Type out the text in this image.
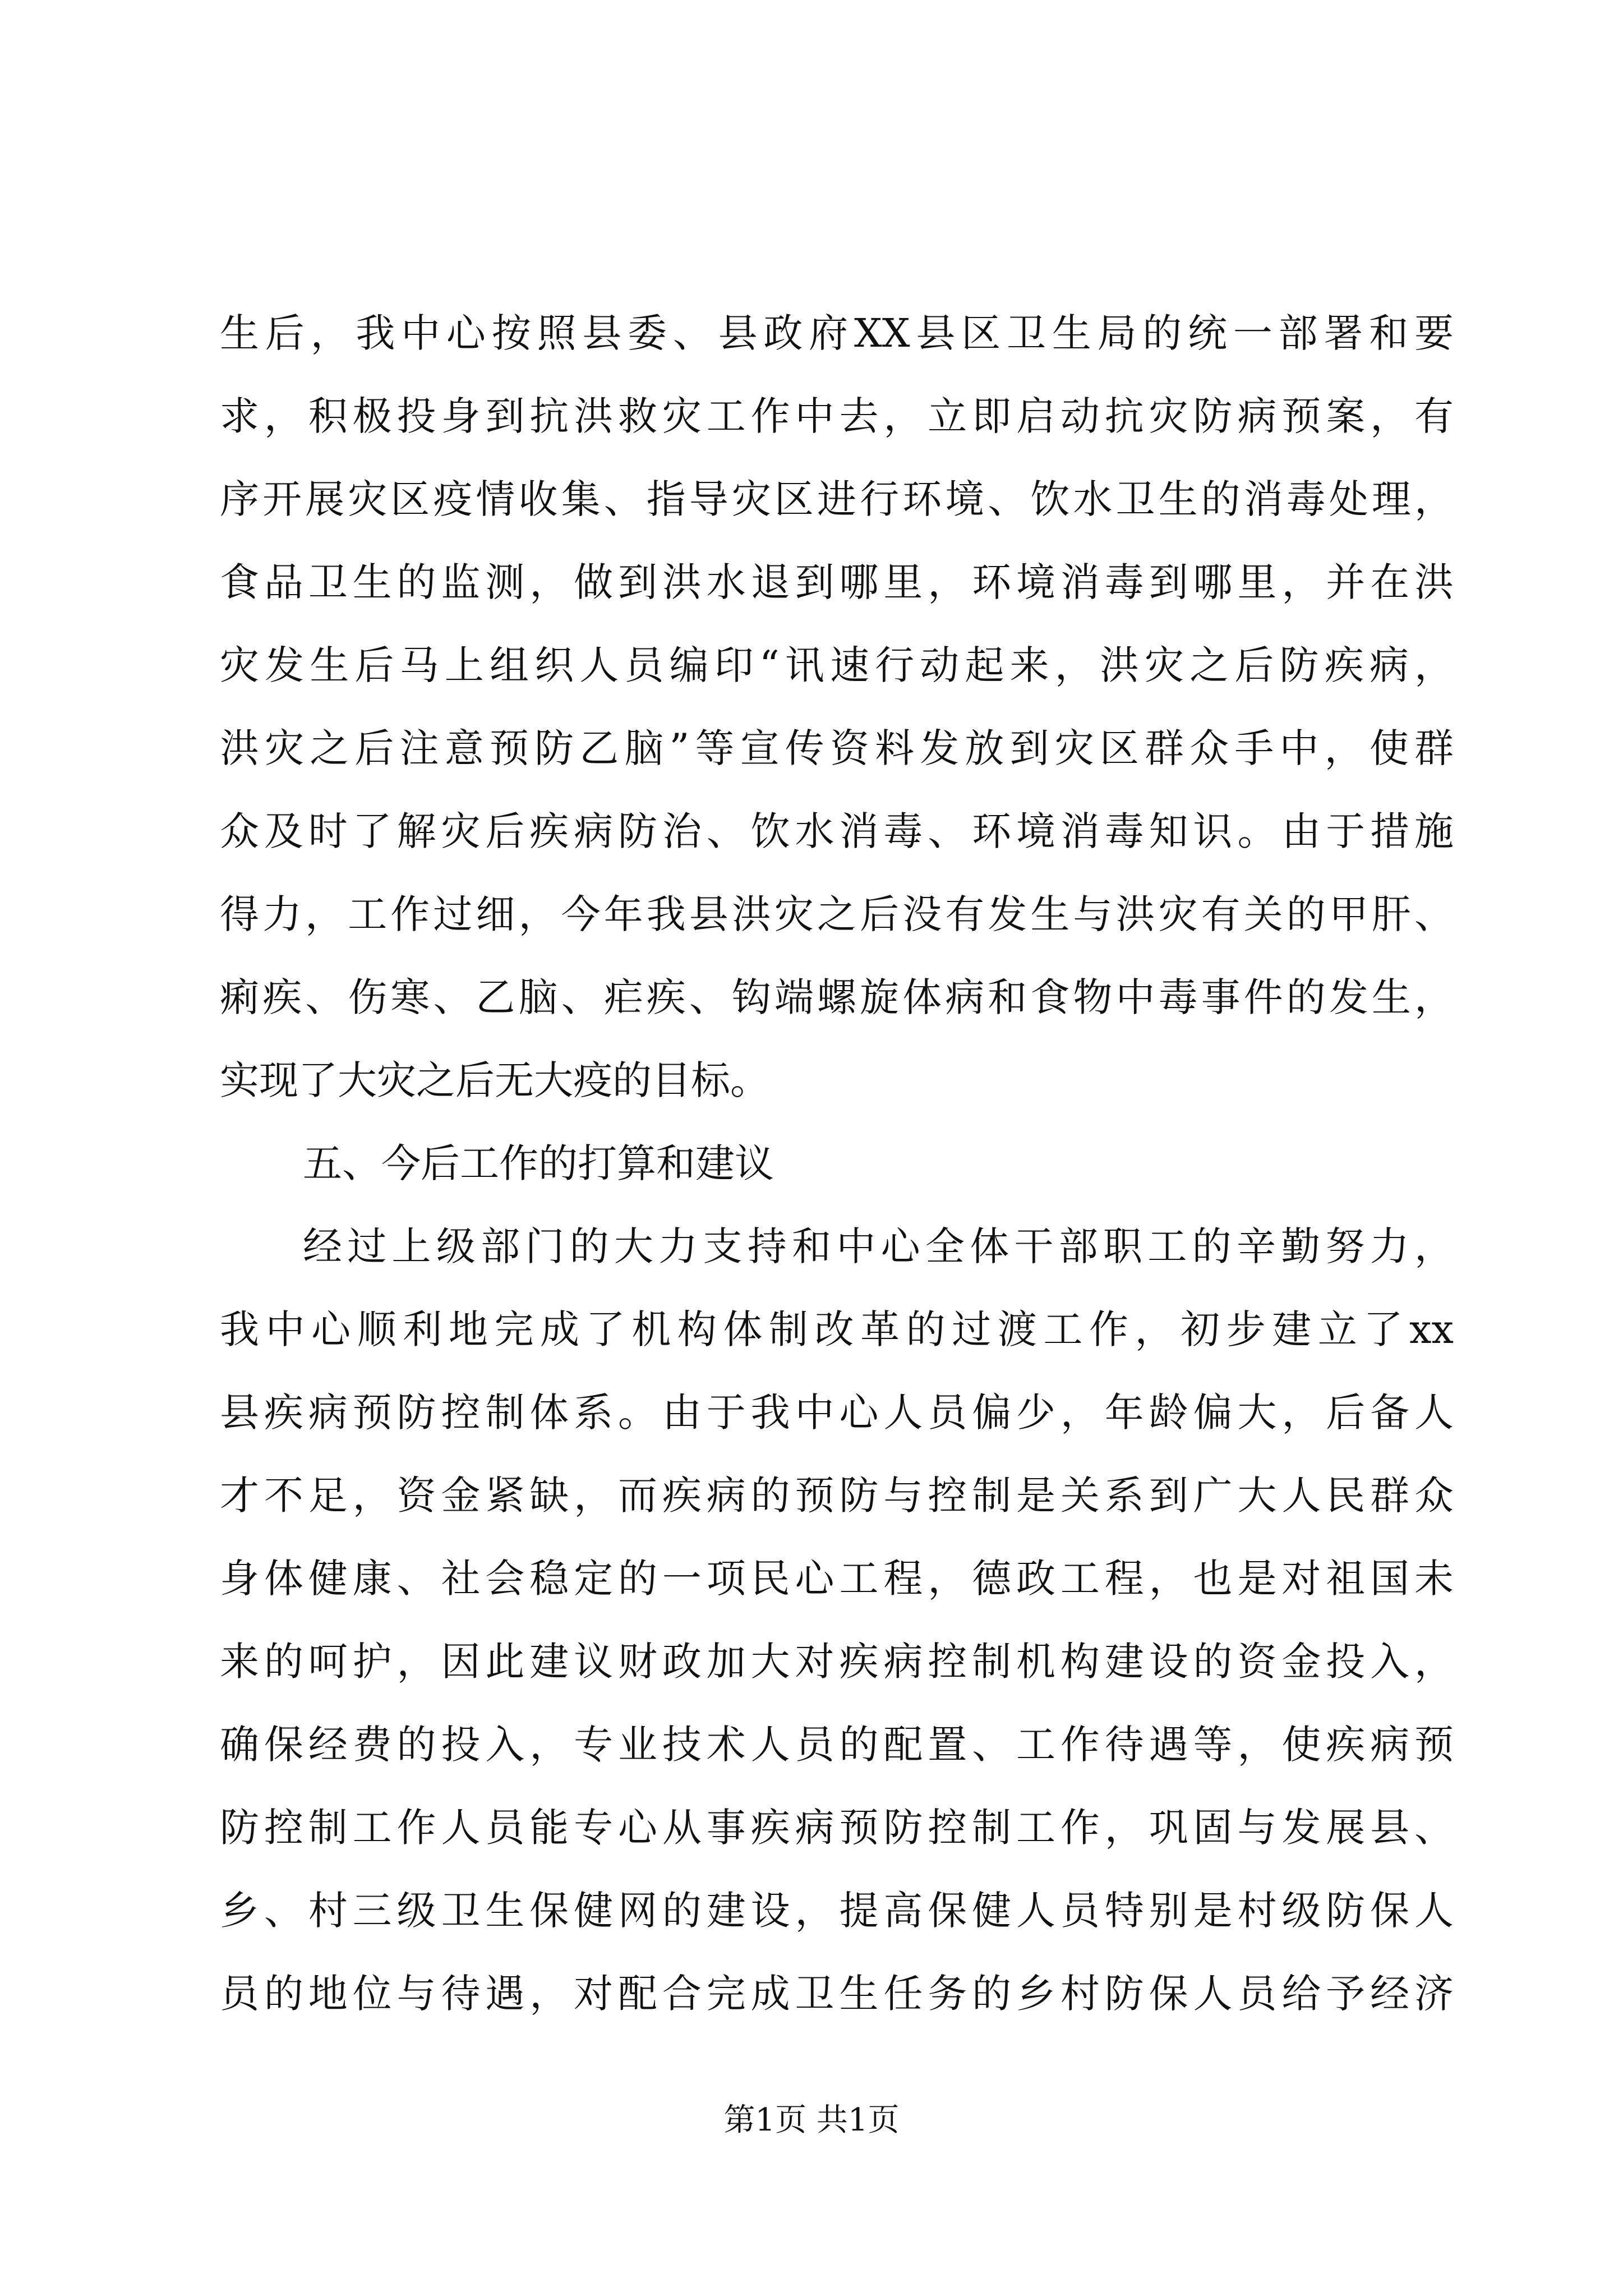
生后，我中心按照县委、县政府XX县区卫生局的统一部署和要
求，积极投身到抗洪救灾工作中去，立即启动抗灾防病预案，有
序开展灾区疫情收集、指导灾区进行环境、饮水卫生的消毒处理，
食品卫生的监测，做到洪水退到哪里，环境消毒到哪里，并在洪
灾发生后马上组织人员编印“讯速行动起来，洪灾之后防疾病，
洪灾之后注意预防乙脑”等宣传资料发放到灾区群众手中，使群
众及时了解灾后疾病防治、饮水消毒、环境消毒知识。由于措施
得力，工作过细，今年我县洪灾之后没有发生与洪灾有关的甲肝、
痢疾、伤寒、乙脑、疟疾、钩端螺旋体病和食物中毒事件的发生，
实现了大灾之后无大疫的目标。
五、今后工作的打算和建议
经过上级部门的大力支持和中心全体干部职工的辛勤努力，
我中心顺利地完成了机构体制改革的过渡工作，初步建立了xx
县疾病预防控制体系。由于我中心人员偏少，年龄偏大，后备人
才不足，资金紧缺，而疾病的预防与控制是关系到广大人民群众
身体健康、社会稳定的一项民心工程，德政工程，也是对祖国未
来的呵护，因此建议财政加大对疾病控制机构建设的资金投入，
确保经费的投入，专业技术人员的配置、工作待遇等，使疾病预
防控制工作人员能专心从事疾病预防控制工作，巩固与发展县、
乡、村三级卫生保健网的建设，提高保健人员特别是村级防保人
员的地位与待遇，对配合完成卫生任务的乡村防保人员给予经济
第1页 共1页
